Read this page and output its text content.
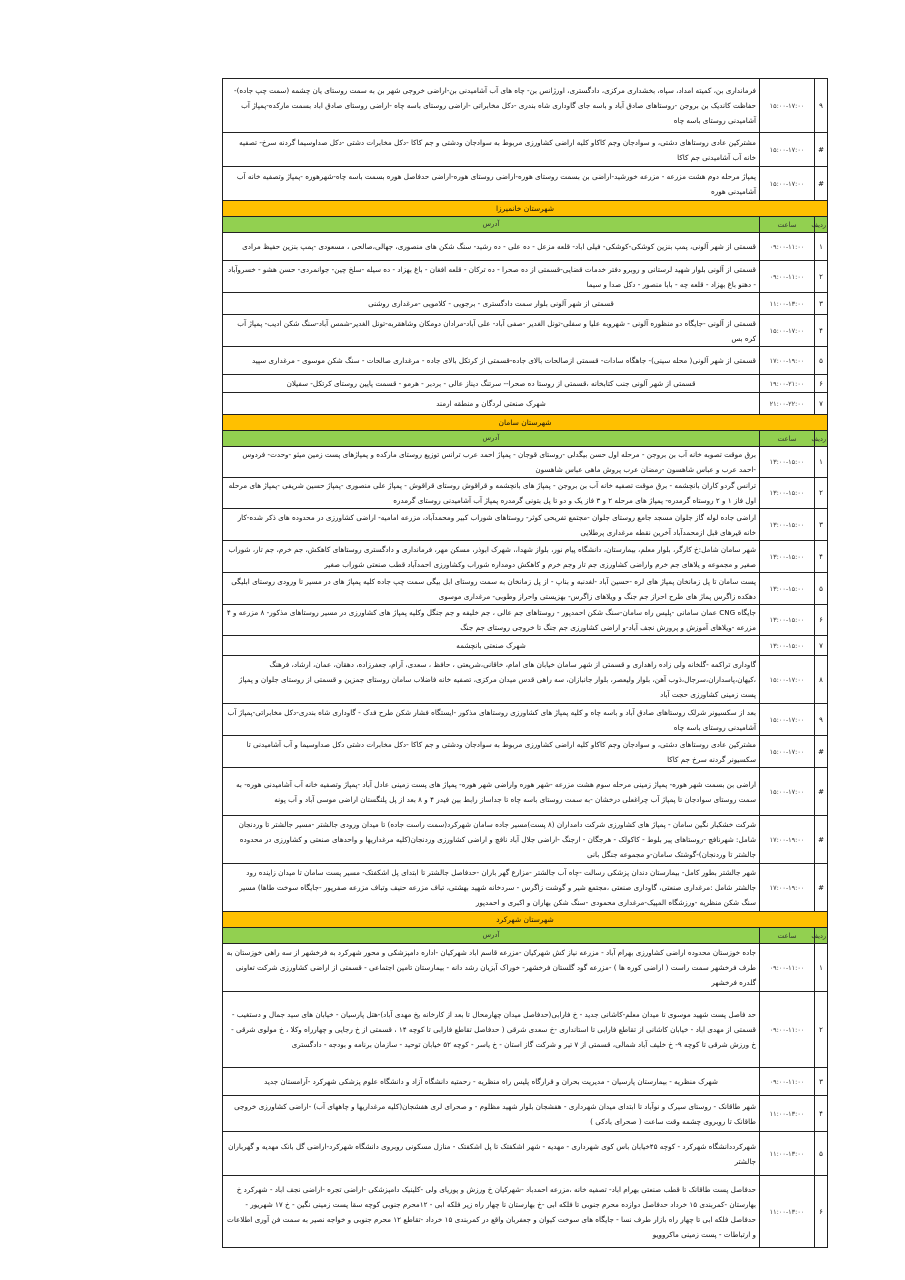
۹	۱۵:۰۰-۱۷:۰۰	فرمانداری بن، کمیته امداد، سپاه، بخشداری مرکزی، دادگستری، اورژانس بن- چاه های آب آشامیدنی بن-اراضی خروجی شهر بن به سمت روستای یان چشمه (سمت چپ جاده)- حفاظت کاندیک بن بروجن -روستاهای صادق آباد و باسه جای گاوداری شاه بندری -دکل مخابراتی -اراضی روستای باسه چاه -اراضی روستای صادق اباد بسمت مارکده-پمپاژ آب آشامیدنی روستای باسه چاه
#	۱۵:۰۰-۱۷:۰۰	مشترکین عادی روستاهای دشتی، و سوادجان وجم کاکاو کلیه اراضی کشاورزی مربوط به سوادجان ودشتی و جم کاکا -دکل مخابرات دشتی -دکل صداوسیما گردنه سرخ- تصفیه خانه آب آشامیدنی جم کاکا
#	۱۵:۰۰-۱۷:۰۰	پمپاژ مرحله دوم هشت مزرعه - مزرعه خورشید-اراضی بن بسمت روستای هوره-اراضی روستای هوره-اراضی حدفاصل هوره بسمت باسه چاه-شهرهوره -پمپاژ وتصفیه خانه آب آشامیدنی هوره
شهرستان خانمیرزا		
ردیف	ساعت	آدرس
۱	۰۹:۰۰-۱۱:۰۰	قسمتی از شهر آلونی، پمپ بنزین کوشکی-کوشکی- فیلی اباد- قلعه مزعل - ده علی - ده رشید- سنگ شکن های منصوری، جهالی،صالحی ، مسعودی -پمپ بنزین حفیظ مرادی
۲	۰۹:۰۰-۱۱:۰۰	قسمتی از آلونی بلوار شهید لرستانی و روبرو دفتر خدمات قضایی-قسمتی از ده صحرا - ده ترکان - قلعه افغان - باغ بهزاد - ده سیله -سلخ چین- جوانمردی- حسن هشو - خسروآباد - دهنو باغ بهزاد - قلعه چه - بابا منصور - دکل صدا و سیما
۳	۱۱:۰۰-۱۳:۰۰	قسمتی از شهر آلونی بلوار سمت دادگستری - برجویی - کلامویی -مرغداری روشنی
۴	۱۵:۰۰-۱۷:۰۰	قسمتی از آلونی -جایگاه دو منظوره آلونی - شهروبه علیا و سفلی-تونل الغدیر -صفی آباد- علی آباد-مرادان دومکان وشاهقربه-تونل الغدیر-شمس آباد-سنگ شکن ادیب- پمپاژ آب کره بس
۵	۱۷:۰۰-۱۹:۰۰	قسمتی از شهر آلونی( محله سینی)- جاهگاه سادات- قسمتی ازصالحات بالای جاده-قسمتی از کرتکل بالای جاده - مرغداری صالحات - سنگ شکن موسوی - مرغداری سپید
۶	۱۹:۰۰-۲۱:۰۰	قسمتی از شهر آلونی جنب کتابخانه ،قسمتی از روستا ده صحرا-- سرتنگ دیناز عالی - بردبر - هرمو - قسمت پایین روستای کرتکل- سفیلان
۷	۲۱:۰۰-۲۲:۰۰	شهرک صنعتی لردگان و منطقه ارمند
شهرستان سامان		
ردیف	ساعت	آدرس
۱	۱۳:۰۰-۱۵:۰۰	برق موقت تصوبه خانه آب بن بروجن - مرحله اول حسن بیگدلی -روستای قوجان - پمپاژ احمد عرب ترانس توزیع روستای مارکده و پمپاژهای پست زمین میثو -وحدت- فردوس -احمد عرب و عباس شاهسون -رمضان عرب پروش ماهی عباس شاهسون
۲	۱۳:۰۰-۱۵:۰۰	ترانس گردو کاران بانچشمه - برق موقت تصفیه خانه آب بن بروجن - پمپاژ های بانچشمه و قراقوش روستای قراقوش - پمپاژ علی منصوری -پمپاژ حسین شریفی -پمپاژ های مرحله اول فاز ۱ و ۲ روستاه گرمدره- پمپاژ های مرحله ۲ و ۳ فاز یک و دو تا پل بتونی گرمدره پمپاژ آب آشامیدنی روستای گرمدره
۳	۱۳:۰۰-۱۵:۰۰	اراضی جاده لوله گاز جلوان مسجد جامع روستای جلوان -مجتمع تفریحی کوثر- روستاهای شوراب کبیر ومحمدآباد، مزرعه امامیه- اراضی کشاورزی در محدوده های ذکر شده-کار خانه قیرهای قبل ازمحمدآباد آخرین نقطه مرغداری پرطلایی
۴	۱۳:۰۰-۱۵:۰۰	شهر سامان شامل:خ کارگر، بلوار معلم، بیمارستان، دانشگاه پیام نور، بلواز شهدا،، شهرک ابوذر، مسکن مهر، فرمانداری و دادگستری روستاهای کاهکش، جم خرم، جم تار، شوراب صغیر و مجموعه و یلاهای جم خرم واراضی کشاورزی جم تار وجم خرم و کاهکش دومداره شوراب وکشاورزی احمدآباد قطب صنعتی شوراب صغیر
۵	۱۳:۰۰-۱۵:۰۰	پست سامان تا پل زمانخان پمپاژ های لره -حسین آباد -لغدنبه و بناپ - از پل زمانخان به سمت روستای ابل بیگی سمت چپ جاده کلیه پمپاژ های در مسیر تا ورودی روستای ابلیگی دهکده زاگرس پماژ های طرح احراز جم جنگ و ویلاهای زاگرس- بهزیستی واحراز وطوبی- مرغداری موسوی
۶	۱۳:۰۰-۱۵:۰۰	جایگاه CNG عمان سامانی -پلیس راه سامان-سنگ شکن احمدپور - روستاهای جم عالی ، جم خلیفه و جم جنگل وکلیه پمپاژ های کشاورزی در مسیر روستاهای مذکور- ۸ مزرعه و ۴ مزرعه -ویلاهای آموزش و پرورش نجف آباد-و اراضی کشاورزی جم جنگ تا خروجی روستای جم جنگ
۷	۱۳:۰۰-۱۵:۰۰	شهرک صنعتی بانچشمه
۸	۱۵:۰۰-۱۷:۰۰	گاوداری تراکمه -گلخانه ولی زاده راهداری و قسمتی از شهر سامان خیابان های امام، خاقانی،شریعتی ، حافظ ، سعدی، آرام، جعفرزاده، دهقان، عمان، ارشاد، فرهنگ ،کیهان،پاسداران،سرجال،ذوب آهن، بلوار ولیعصر، بلوار جانبازان، سه راهی قدس میدان مرکزی، تصفیه خانه فاضلاب سامان روستای جمزین و قسمتی از روستای جلوان و پمپاژ پست زمینی کشاورزی حجت آباد
۹	۱۵:۰۰-۱۷:۰۰	بعد از سکسیونر شرلک روستاهای صادق آباد و باسه چاه و کلیه پمپاژ های کشاورزی روستاهای مذکور -ایستگاه فشار شکن طرح فدک - گاوداری شاه بندری-دکل مخابراتی-پمپاژ آب آشامیدنی روستای باسه چاه
#	۱۵:۰۰-۱۷:۰۰	مشترکین عادی روستاهای دشتی، و سوادجان وجم کاکاو کلیه اراضی کشاورزی مربوط به سوادجان ودشتی و جم کاکا -دکل مخابرات دشتی دکل صداوسیما و آب آشامیدنی تا سکسیونر گردنه سرخ جم کاکا
#	۱۵:۰۰-۱۷:۰۰	اراضی بن بسمت شهر هوره- پمپاژ زمینی مرحله سوم هشت مزرعه -شهر هوره واراضی شهر هوره- پمپاژ های پست زمینی عادل آباد -پمپاژ وتصفیه خانه آب آشامیدنی هوره- به سمت روستای سوادجان تا پمپاژ آب چراغعلی درخشان -به سمت روستای باسه چاه تا جداساز رابط بین فیدر ۴ و ۸ بعد از پل پلنگستان اراضی موسی آباد و آب پونه
#	۱۷:۰۰-۱۹:۰۰	شرکت خشکبار نگین سامان - پمپاژ های کشاورزی شرکت دامداران (۸ پست)مسیر جاده سامان شهرکرد(سمت راست جاده) تا میدان ورودی جالشتر -مسیر جالشتر تا وردنجان شامل: شهرنافچ -روستاهای پیر بلوط - کاکولک - هرجگان - ارجنگ -اراضی جلال آباد نافچ و اراضی کشاورزی وردنجان(کلیه مرغداریها و واحدهای صنعتی و کشاورزی در محدوده جالشتر تا وردنجان)-گوشتک سامان-و مجموعه جنگل بانی
#	۱۷:۰۰-۱۹:۰۰	شهر جالشتر بطور کامل- بیمارستان دندان پزشکی رسالت -چاه آب جالشتر -مزارع گهر باران -حدفاصل جالشتر تا ابتدای پل اشکفتک- مسیر پست سامان تا میدان زاینده رود جالشتر شامل :مرغداری صنعتی، گاوداری صنعتی ،مجتمع شیر و گوشت زاگرس - سردخانه شهید بهشتی، تباف مزرعه حنیف وتباف مزرعه صفرپور -جایگاه سوخت طاها) مسیر سنگ شکن منظریه -ورزشگاه المپیک-مرغداری محمودی -سنگ شکن بهاران و اکبری و احمدپور
شهرستان شهرکرد		
ردیف	ساعت	آدرس
۱	۰۹:۰۰-۱۱:۰۰	جاده خوزستان محدوده اراضی کشاورزی بهرام آباد - مزرعه نیاز کش شهرکیان -مزرعه قاسم اباد شهرکیان -اداره دامپزشکی و محور شهرکرد به فرخشهر از سه راهی خوزستان به طرف فرخشهر سمت راست ( اراضی کوره ها ) -مزرعه گود گلستان فرخشهر- خوراک آبزیان رشد دانه - بیمارستان تامین اجتماعی - قسمتی از اراضی کشاورزی شرکت تعاونی گلدره فرخشهر
۲	۰۹:۰۰-۱۱:۰۰	حد فاصل پست شهید موسوی تا میدان معلم-کاشانی جدید - خ فارابی(حدفاصل میدان چهارمحال تا بعد از کارخانه یخ مهدی آباد)-هتل پارسیان - خیابان های سید جمال و دستغیب - قسمتی از مهدی اباد - خیابان کاشانی از تقاطع فارابی تا استانداری -خ سعدی شرقی ( حدفاصل تقاطع فارابی تا کوچه ۱۴ ، قسمتی از خ رجایی و چهارراه وکلا ، خ مولوی شرقی - خ ورزش شرقی تا کوچه ۹- خ خلیف آباد شمالی، قسمتی از ۷ تیر و شرکت گاز استان - خ یاسر - کوچه ۵۲ خیابان توحید - سازمان برنامه و بودجه - دادگستری
۳	۰۹:۰۰-۱۱:۰۰	شهرک منظریه - بیمارستان پارسیان - مدیریت بحران و قرارگاه پلیس راه منظریه - رحمتیه دانشگاه آزاد و دانشگاه علوم پزشکی شهرکرد -آرامستان جدید
۴	۱۱:۰۰-۱۳:۰۰	شهر طاقانک - روستای سیرک و نوآباد تا ابتدای میدان شهرداری - هفشجان بلوار شهید مظلوم - و صحرای لری هفشجان(کلیه مرغداریها و چاههای آب) -اراضی کشاورزی خروجی طاقانک تا روبروی چشمه وقت ساعت ( صحرای بادکی )
۵	۱۱:۰۰-۱۳:۰۰	شهرکرددانشگاه شهرکرد - کوچه ۴۵خیابان باس کوی شهرداری - مهدیه - شهر اشکفتک تا پل اشکفتک - منازل مسکونی روبروی دانشگاه شهرکرد-اراضی گل بانک مهدیه و گهرباران جالشتر
۶	۱۱:۰۰-۱۳:۰۰	حدفاصل پست طاقانک تا قطب صنعتی بهرام اباد- تصفیه خانه ،مزرعه احمدباد -شهرکیان خ ورزش و پوریای ولی -کلینیک دامپزشکی -اراضی تجره -اراضی نجف اباد - شهرکرد خ بهارستان -کمربندی ۱۵ خرداد حدفاصل دوازده محرم جنوبی تا فلکه ابی -خ بهارستان تا چهار راه زیر فلکه ابی - ۱۲محرم جنوبی کوچه سقا پست زمینی نگین - خ ۱۷ شهریور - حدفاصل فلکه ابی تا چهار راه بازار طرف نسا - جایگاه های سوخت کیوان و جعفربان واقع در کمربندی ۱۵ خرداد -تقاطع ۱۲ محرم جنوبی و خواجه نصیر به سمت فن آوری اطلاعات و ارتباطات - پست زمینی ماکروویو
